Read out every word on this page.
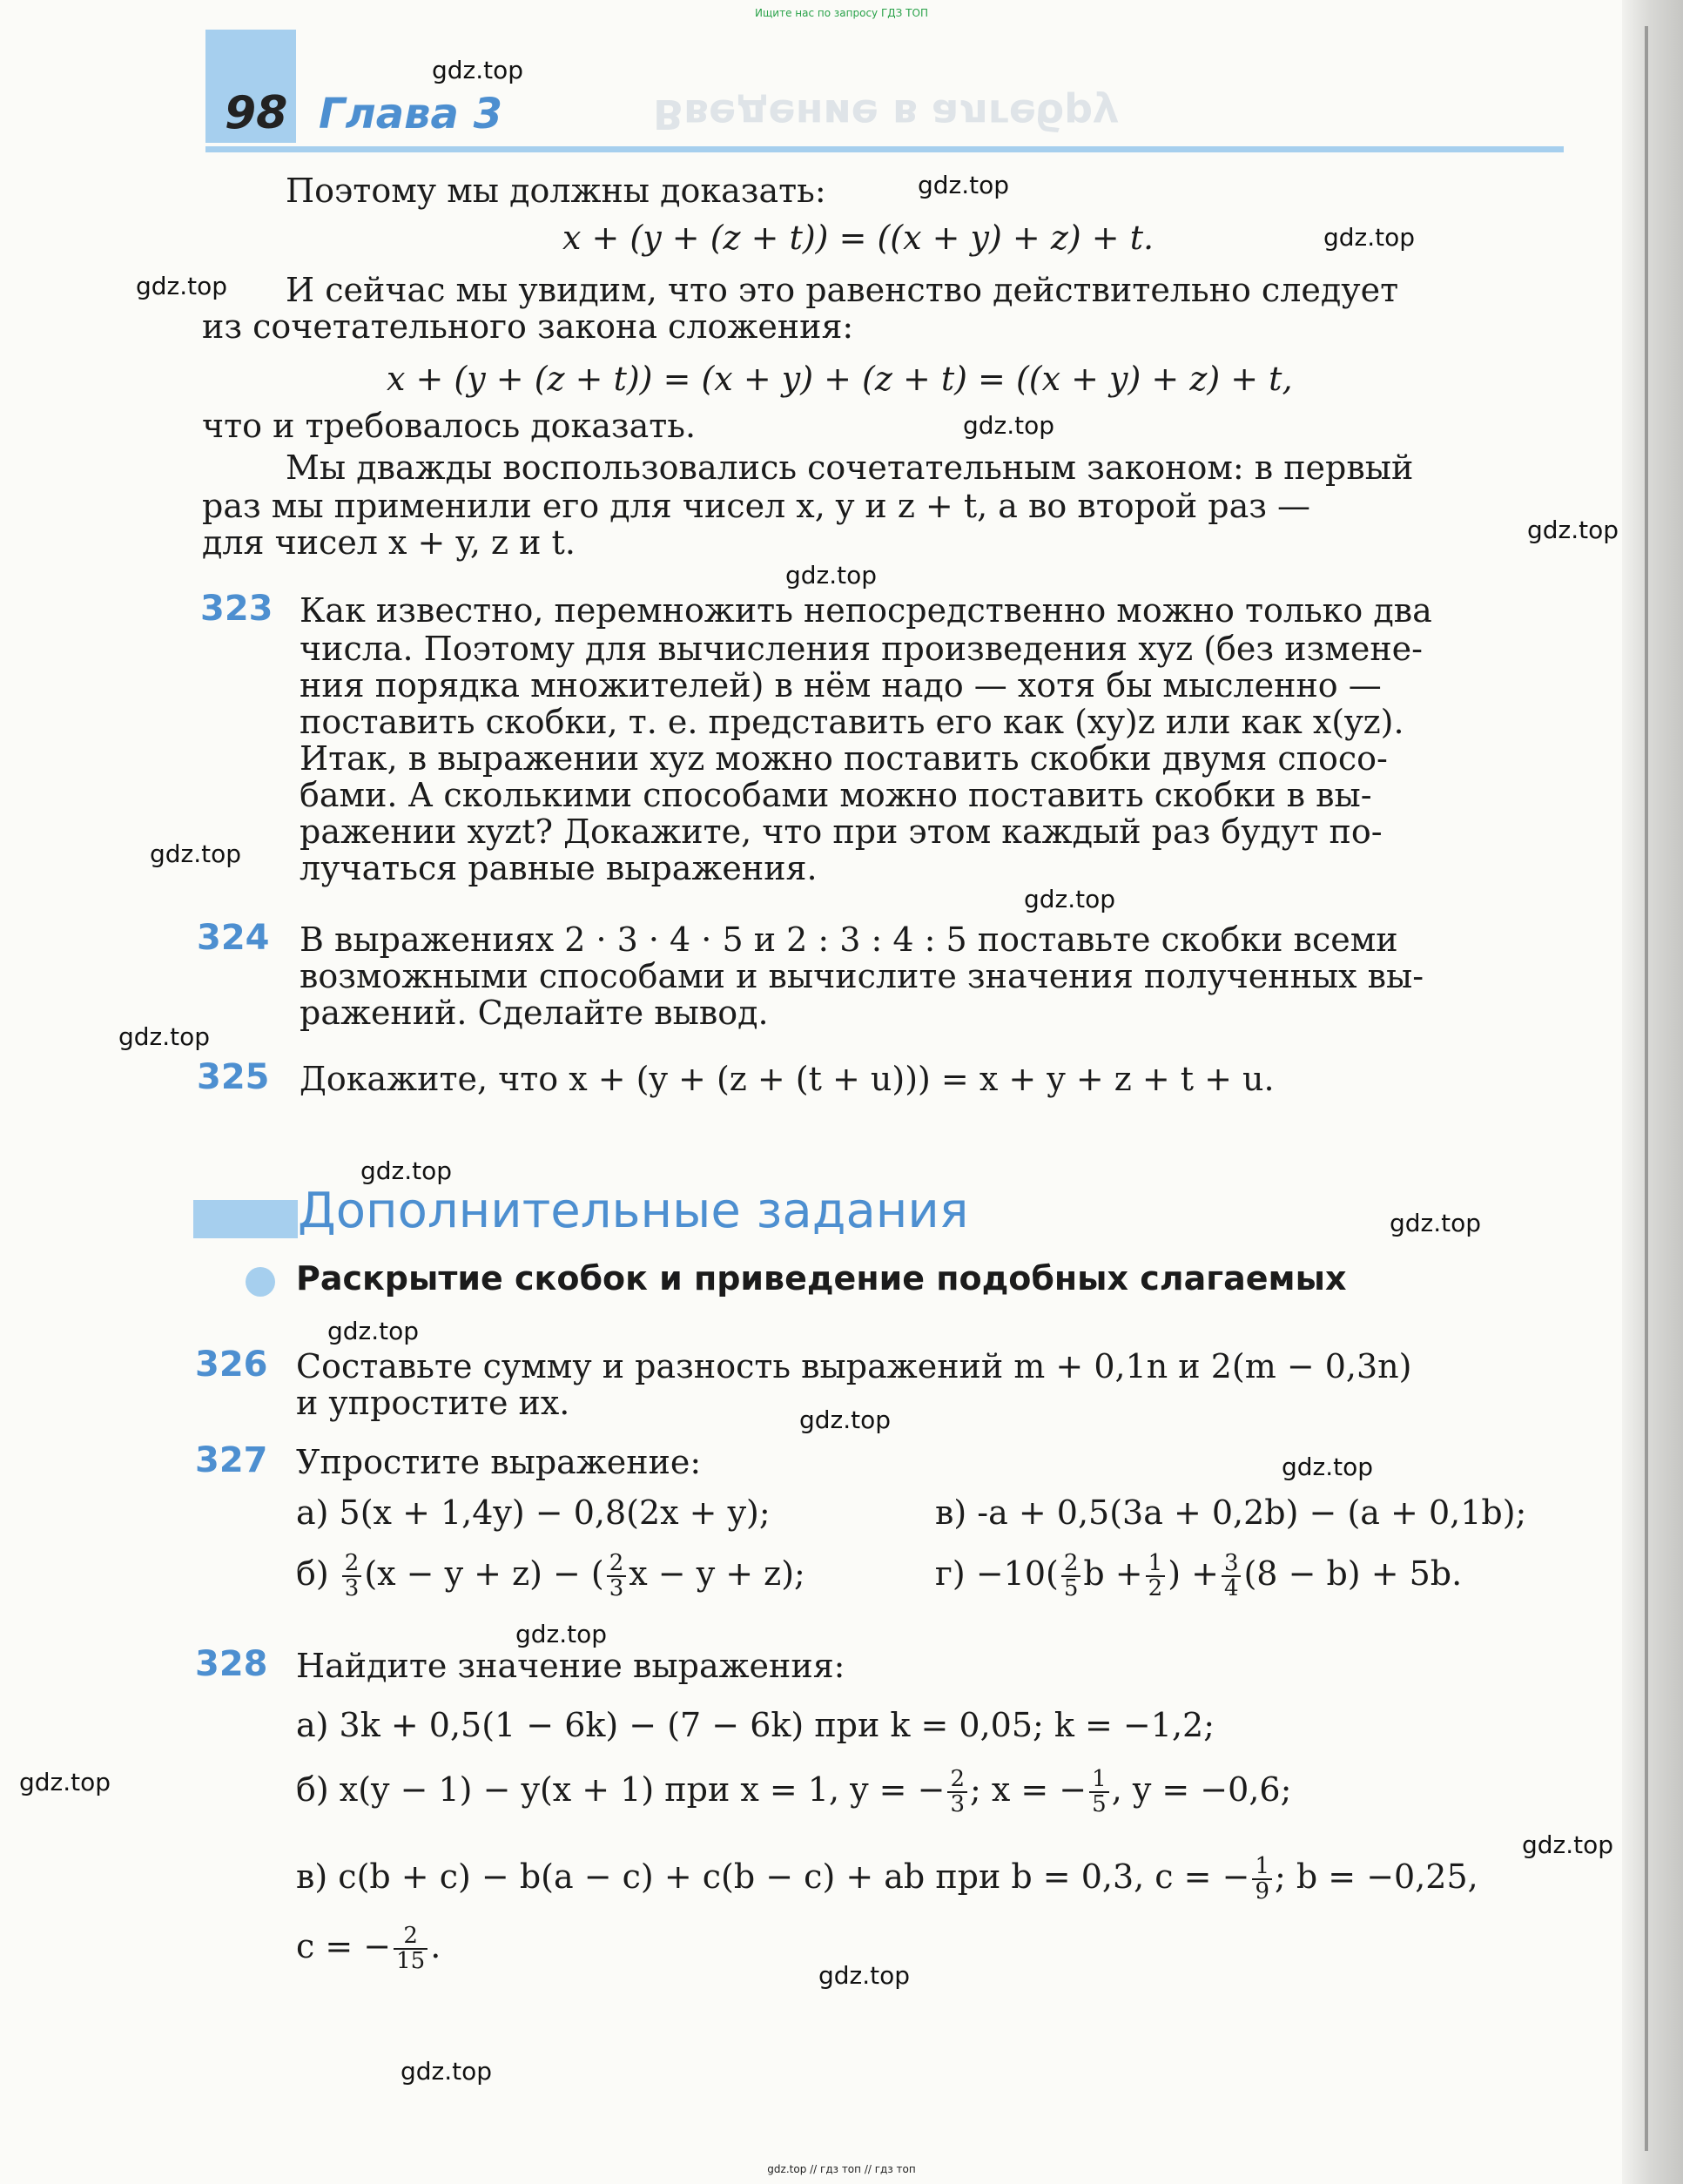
Ищите нас по запросу ГДЗ ТОП
98 Глава 3	Введение в алгебру
gdz.top
gdz.top
gdz.top
gdz.top
gdz.top
gdz.top
gdz.top
gdz.top
gdz.top
gdz.top
gdz.top
gdz.top
gdz.top
gdz.top
gdz.top
gdz.top
gdz.top
gdz.top
gdz.top
gdz.top
Поэтому мы должны доказать:
x + (y + (z + t)) = ((x + y) + z) + t.
И сейчас мы увидим, что это равенство действительно следует
из сочетательного закона сложения:
x + (y + (z + t)) = (x + y) + (z + t) = ((x + y) + z) + t,
что и требовалось доказать.
Мы дважды воспользовались сочетательным законом: в первый
раз мы применили его для чисел x, y и z + t, а во второй раз —
для чисел x + y, z и t.
323 Как известно, перемножить непосредственно можно только два
числа. Поэтому для вычисления произведения xyz (без измене-
ния порядка множителей) в нём надо — хотя бы мысленно —
поставить скобки, т. е. представить его как (xy)z или как x(yz).
Итак, в выражении xyz можно поставить скобки двумя спосо-
бами. А сколькими способами можно поставить скобки в вы-
ражении xyzt? Докажите, что при этом каждый раз будут по-
лучаться равные выражения.
324 В выражениях 2 · 3 · 4 · 5 и 2 : 3 : 4 : 5 поставьте скобки всеми
возможными способами и вычислите значения полученных вы-
ражений. Сделайте вывод.
325 Докажите, что x + (y + (z + (t + u))) = x + y + z + t + u.
Дополнительные задания
Раскрытие скобок и приведение подобных слагаемых
326 Составьте сумму и разность выражений m + 0,1n и 2(m − 0,3n)
и упростите их.
327 Упростите выражение:
а) 5(x + 1,4y) − 0,8(2x + y);	в) -a + 0,5(3a + 0,2b) − (a + 0,1b);
$б) \frac{2}{3} (x - y + z)$ − ( $\frac{2}{3}$ x − y + z);	$г) -10( \frac{2}{5}$ $b + \frac{1}{2}$ ) + $\frac{3}{4} (8 - b) + 5b$.
328 Найдите значение выражения:
а) 3k + 0,5(1 − 6k) − (7 − 6k) при k = 0,05; k = −1,2;
б) x(y − 1) − y(x + 1) при x = 1, y = − $\frac{2}{3}$ ; x = − $\frac{1}{5}$ , y = −0,6;
в) c(b + c) − b(a − c) + c(b − c) + ab при b = 0,3, c = − $\frac{1}{9}$ ; b = −0,25,
c = − $\frac{2}{15}$ .
gdz.top // гдз топ // гдз топ
